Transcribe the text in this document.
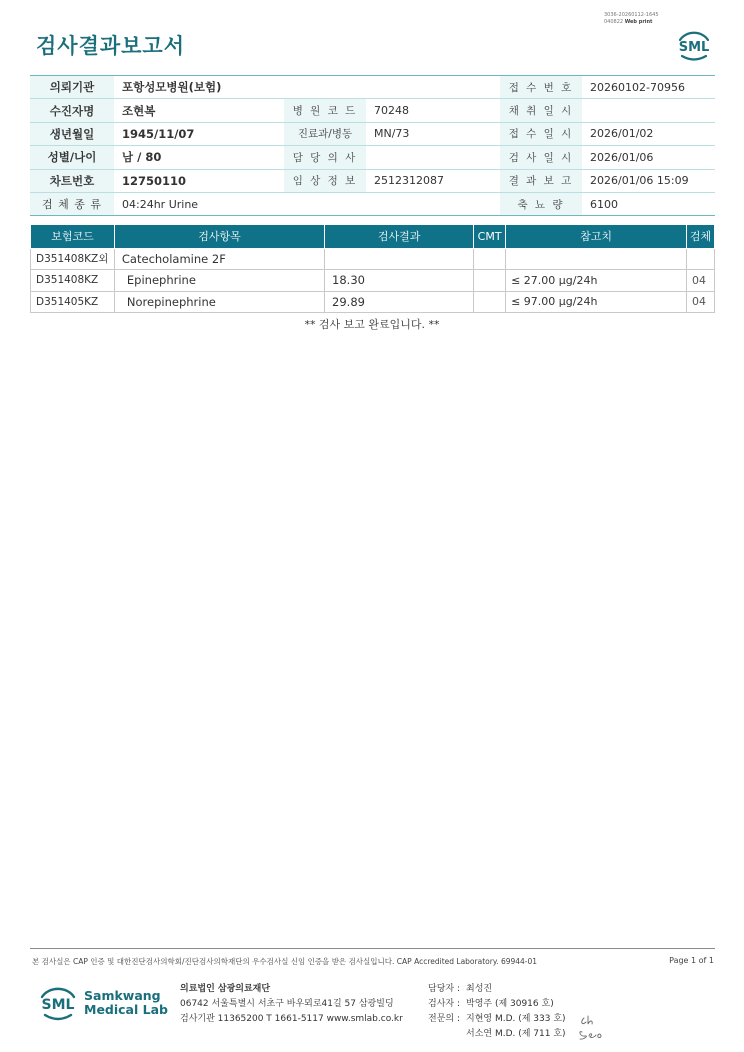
3036-20260112-1645
040822 Web print
검사결과보고서	SML
의뢰기관	포항성모병원(보험)			접 수 번 호	20260102-70956
수진자명	조현복	병 원 코 드	70248	채 취 일 시	
생년월일	1945/11/07	진료과/병동	MN/73	접 수 일 시	2026/01/02
성별/나이	남 / 80	담 당 의 사		검 사 일 시	2026/01/06
차트번호	12750110	임 상 정 보	2512312087	결 과 보 고	2026/01/06 15:09
검 체 종 류	04:24hr Urine			축 뇨 량	6100
보험코드	검사항목	검사결과	CMT	참고치	검체
D351408KZ외	Catecholamine 2F				
D351408KZ	Epinephrine	18.30		≤ 27.00 μg/24h	04
D351405KZ	Norepinephrine	29.89		≤ 97.00 μg/24h	04
** 검사 보고 완료입니다. **
본 검사실은 CAP 인증 및 대한진단검사의학회/진단검사의학재단의 우수검사실 신임 인증을 받은 검사실입니다. CAP Accredited Laboratory. 69944-01	Page 1 of 1
SML
Samkwang
Medical Lab
의료법인 삼광의료재단
06742 서울특별시 서초구 바우뫼로41길 57 삼광빌딩
검사기관 11365200 T 1661-5117 www.smlab.co.kr
담당자 : 최성진
검사자 : 박영주 (제 30916 호)
전문의 : 지현영 M.D. (제 333 호)
서소연 M.D. (제 711 호)
